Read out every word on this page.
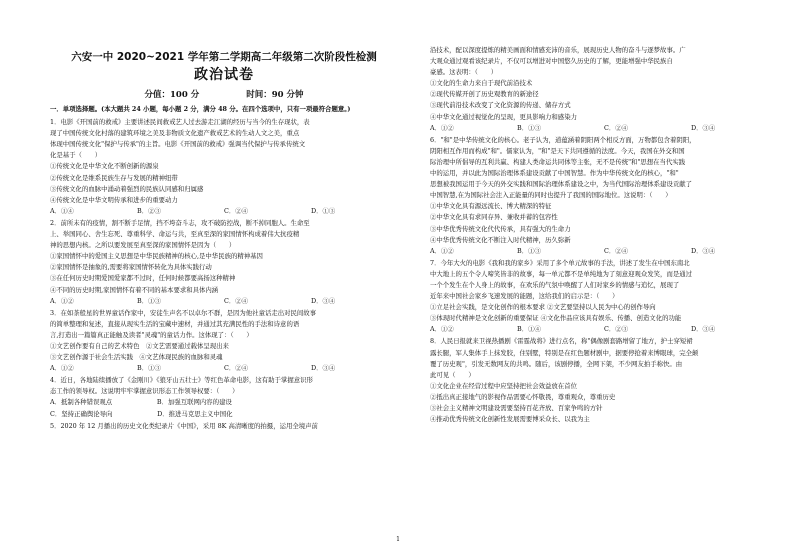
六安一中 2020~2021 学年第二学期高二年级第二次阶段性检测
政治试卷
分值：100 分	时间：90 分钟
一．单项选择题。(本大题共 24 小题，每小题 2 分，满分 48 分。在四个选项中，只有一项最符合题意。)
1．电影《开国前的救戒》主要讲述民间救戒艺人过去游走江湖的经历与当今的生存现状，表
现了中国传统文化村落的建筑环境之美及非物质文化遗产救戒艺术的生动人文之美，重点
体现中国传统文化"保护与传承"的主旨。电影《开国前的救戒》强调当代保护与传承传统文
化是基于（　　）
①传统文化是中华文化不断创新的源泉
②传统文化是维系民族生存与发展的精神纽带
③传统文化的血脉中涌动着强烈的民族认同感和归属感
④传统文化是中华文明传承和进步的重要动力
A．①④	B．②③	C．②④	D．①③
2．前所未有的疫情，割不断手足情，挡不垮奋斗志，攻不破防控战，断不掉同胞人。生命至
上、举国同心、舍生忘死、尊重科学、命运与共，至真至深的家国情怀构成着伟大抗疫精
神的思想内核。之所以要发展至真至深的家国情怀是因为（　　）
①家国情怀中的爱国主义思想是中华民族精神的核心,是中华民族的精神基因
②家国情怀是抽象的,需要将家国情怀转化为具体实践行动
③在任何历史时期爱国爱家都不过时，任何时候都要高扬这种精神
④不同的历史时期,家国情怀有着不同的基本要求和具体内涵
A．①②	B．①③	C．②④	D．③④
3．在如茶般星的世界童话作家中，安徒生声名不以卓尔不群，是因为他社童话走出对民间故事
的简单整理和复述，直接从现实生活的宝藏中速材，并通过其充满民性的手法和诗意的语
言,打造出一篇篇真正能触及读者"灵魂"的童话力作。这体现了：（　　）
①文艺创作要有自己的艺术特色　②文艺需要通过载体呈现出来
③文艺创作源于社会生活实践　④文艺体现民族的血脉和灵魂
A．①②	B．①③	C．②④	D．③④
4．近日，各地陆续播放了《金刚川》《狼牙山五壮士》等红色革命电影，这有助于掌握意识形
态工作的领导权。这说明牢牢掌握意识形态工作领导权要：（　　）
A．抵制各种错误观点　　　　　　　B．加强互联网内容的建设
C．坚持正确舆论导向　　　　　　　D．推进马克思主义中国化
5．2020 年 12 月播出的历史文化类纪录片《中国》，采用 8K 高清晰度的拍摄，运用全境声前
沿技术，配以深度提炼的精美画面和情感充沛的音乐，展现历史人物的奋斗与逐梦故事。广
大观众通过观看该纪录片，不仅可以增进对中国悠久历史的了解，更能增强中华民族自
豪感。这表明：（　　）
①文化的生命力来自于现代前沿技术
②现代传媒开创了历史观教育的新途径
③现代前沿技术改变了文化资源的传递、储存方式
④中华文化通过视觉化的呈现，更具影响力和感染力
A．①②	B．①③	C．②④	D．③④
6．"和"是中华传统文化的核心。老子认为，道蕴涵着阴阳两个相反方面，万物都包含着阴阳，
阴阳相互作用而构成"和"。儒家认为，"和"是天下共同遵循的法度。今天，我国在外交和国
际治理中所倡导的互利共赢、构建人类命运共同体等主张，无不是传统"和"思想在当代实践
中的运用，并以此为国际治理体系建设贡献了中国智慧。作为中华传统文化的核心，"和"
思想被我国运用于今天的外交实践和国际治理体系建设之中，为当代国际治理体系建设贡献了
中国智慧,在为国际社会注入正能量的同时也提升了我国的国际地位。这说明：（　　）
①中华文化具有源远流长、博大精深的特征
②中华文化具有求同存异、兼收并蓄的包容性
③中华优秀传统文化代代传承，具有强大的生命力
④中华优秀传统文化不断注入时代精神，历久弥新
A．①②	B．①③	C．②④	D．③④
7．今年大火的电影《我和我的家乡》采用了多个单元故事的手法，讲述了发生在中国东南北
中大地上的五个令人啼笑皆非的故事，每一单元都不是单纯地为了刻意迎观众发笑，而是通过
一个个发生在个人身上的故事，在欢乐的气氛中唤醒了人们对家乡的情感与追忆，展现了
近年来中国社会家乡飞速发展的能题，这给我们的启示是：（　　）
①立足社会实践，是文化创作的根本要求 ②文艺要坚持以人民为中心的创作导向
③体现时代精神是文化创新的重要保证 ④文化作品应该具有娱乐、传播、创造文化的功能
A．①②	B．①④	C．②③	D．③④
8．人民日报就来卫视热播剧《雷霆战将》进行点名，称"偶像剧套路增留了地方，护士穿短裙
露长腿，军人集体手上抹发胶，住别墅，特别是在红色题材剧中，据要停抢着来博眼球，完全颠
覆了历史观"，引发无数网友的共鸣。随后，该剧停播，全网下架，不少网友拍手称快。由
此可见（　　）
①文化企业在经营过程中应坚持把社会效益放在首位
②抵出真正接地气的影视作品需要心怀敬畏，尊重观众，尊重历史
③社会主义精神文明建设需要坚持百花齐放、百家争鸣的方针
④推动优秀传统文化创新性发展需要博采众长、以我为主
1
